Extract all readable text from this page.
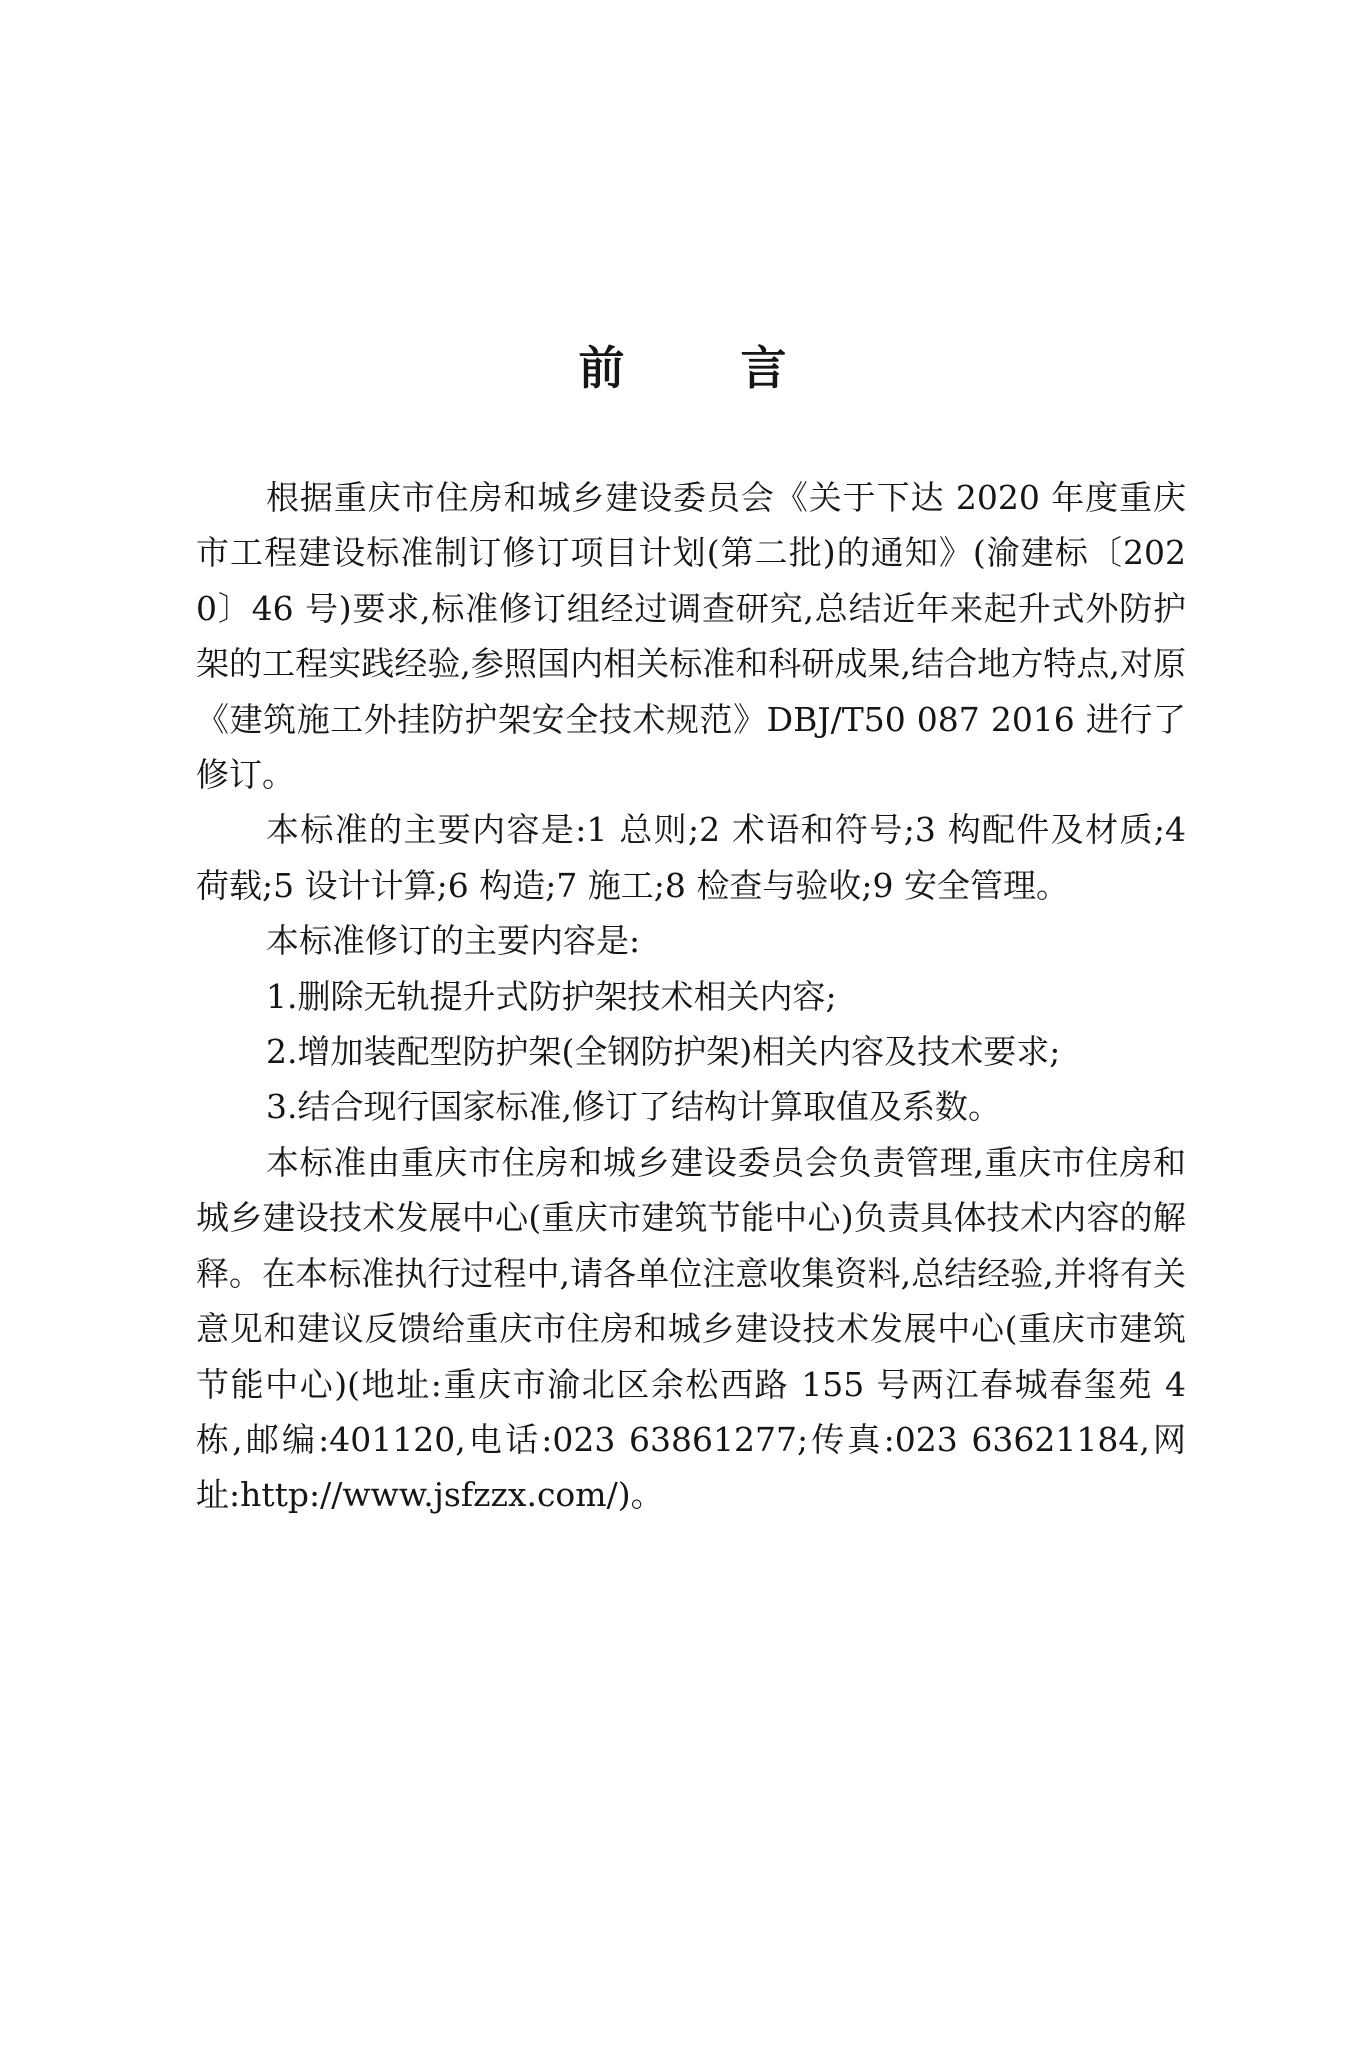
前 言

根据重庆市住房和城乡建设委员会《关于下达 2020 年度重庆市工程建设标准制订修订项目计划(第二批)的通知》(渝建标〔2020〕46 号)要求,标准修订组经过调查研究,总结近年来起升式外防护架的工程实践经验,参照国内相关标准和科研成果,结合地方特点,对原《建筑施工外挂防护架安全技术规范》DBJ/T50 087 2016 进行了修订。

本标准的主要内容是:1 总则;2 术语和符号;3 构配件及材质;4 荷载;5 设计计算;6 构造;7 施工;8 检查与验收;9 安全管理。

本标准修订的主要内容是:

1.删除无轨提升式防护架技术相关内容;

2.增加装配型防护架(全钢防护架)相关内容及技术要求;

3.结合现行国家标准,修订了结构计算取值及系数。

本标准由重庆市住房和城乡建设委员会负责管理,重庆市住房和城乡建设技术发展中心(重庆市建筑节能中心)负责具体技术内容的解释。在本标准执行过程中,请各单位注意收集资料,总结经验,并将有关意见和建议反馈给重庆市住房和城乡建设技术发展中心(重庆市建筑节能中心)(地址:重庆市渝北区余松西路 155 号两江春城春玺苑 4 栋,邮编:401120,电话:023 63861277;传真:023 63621184,网址:http://www.jsfzzx.com/)。
